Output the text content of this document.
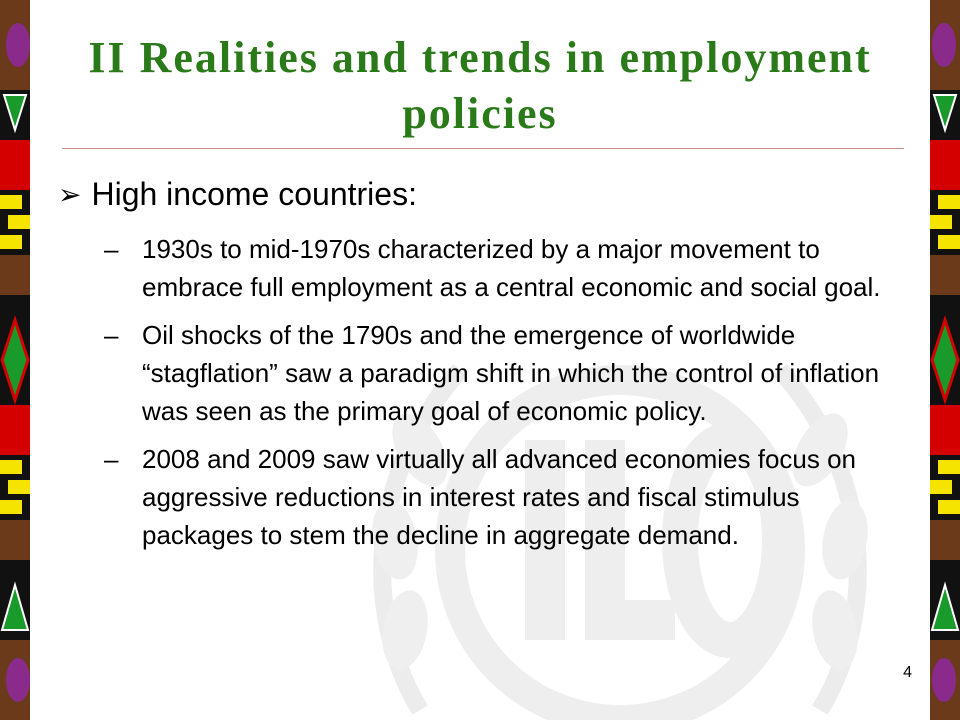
II Realities and trends in employment policies
➢ High income countries:
– 1930s to mid-1970s characterized by a major movement to embrace full employment as a central economic and social goal.
– Oil shocks of the 1790s and the emergence of worldwide “stagflation” saw a paradigm shift in which the control of inflation was seen as the primary goal of economic policy.
– 2008 and 2009 saw virtually all advanced economies focus on aggressive reductions in interest rates and fiscal stimulus packages to stem the decline in aggregate demand.
4
